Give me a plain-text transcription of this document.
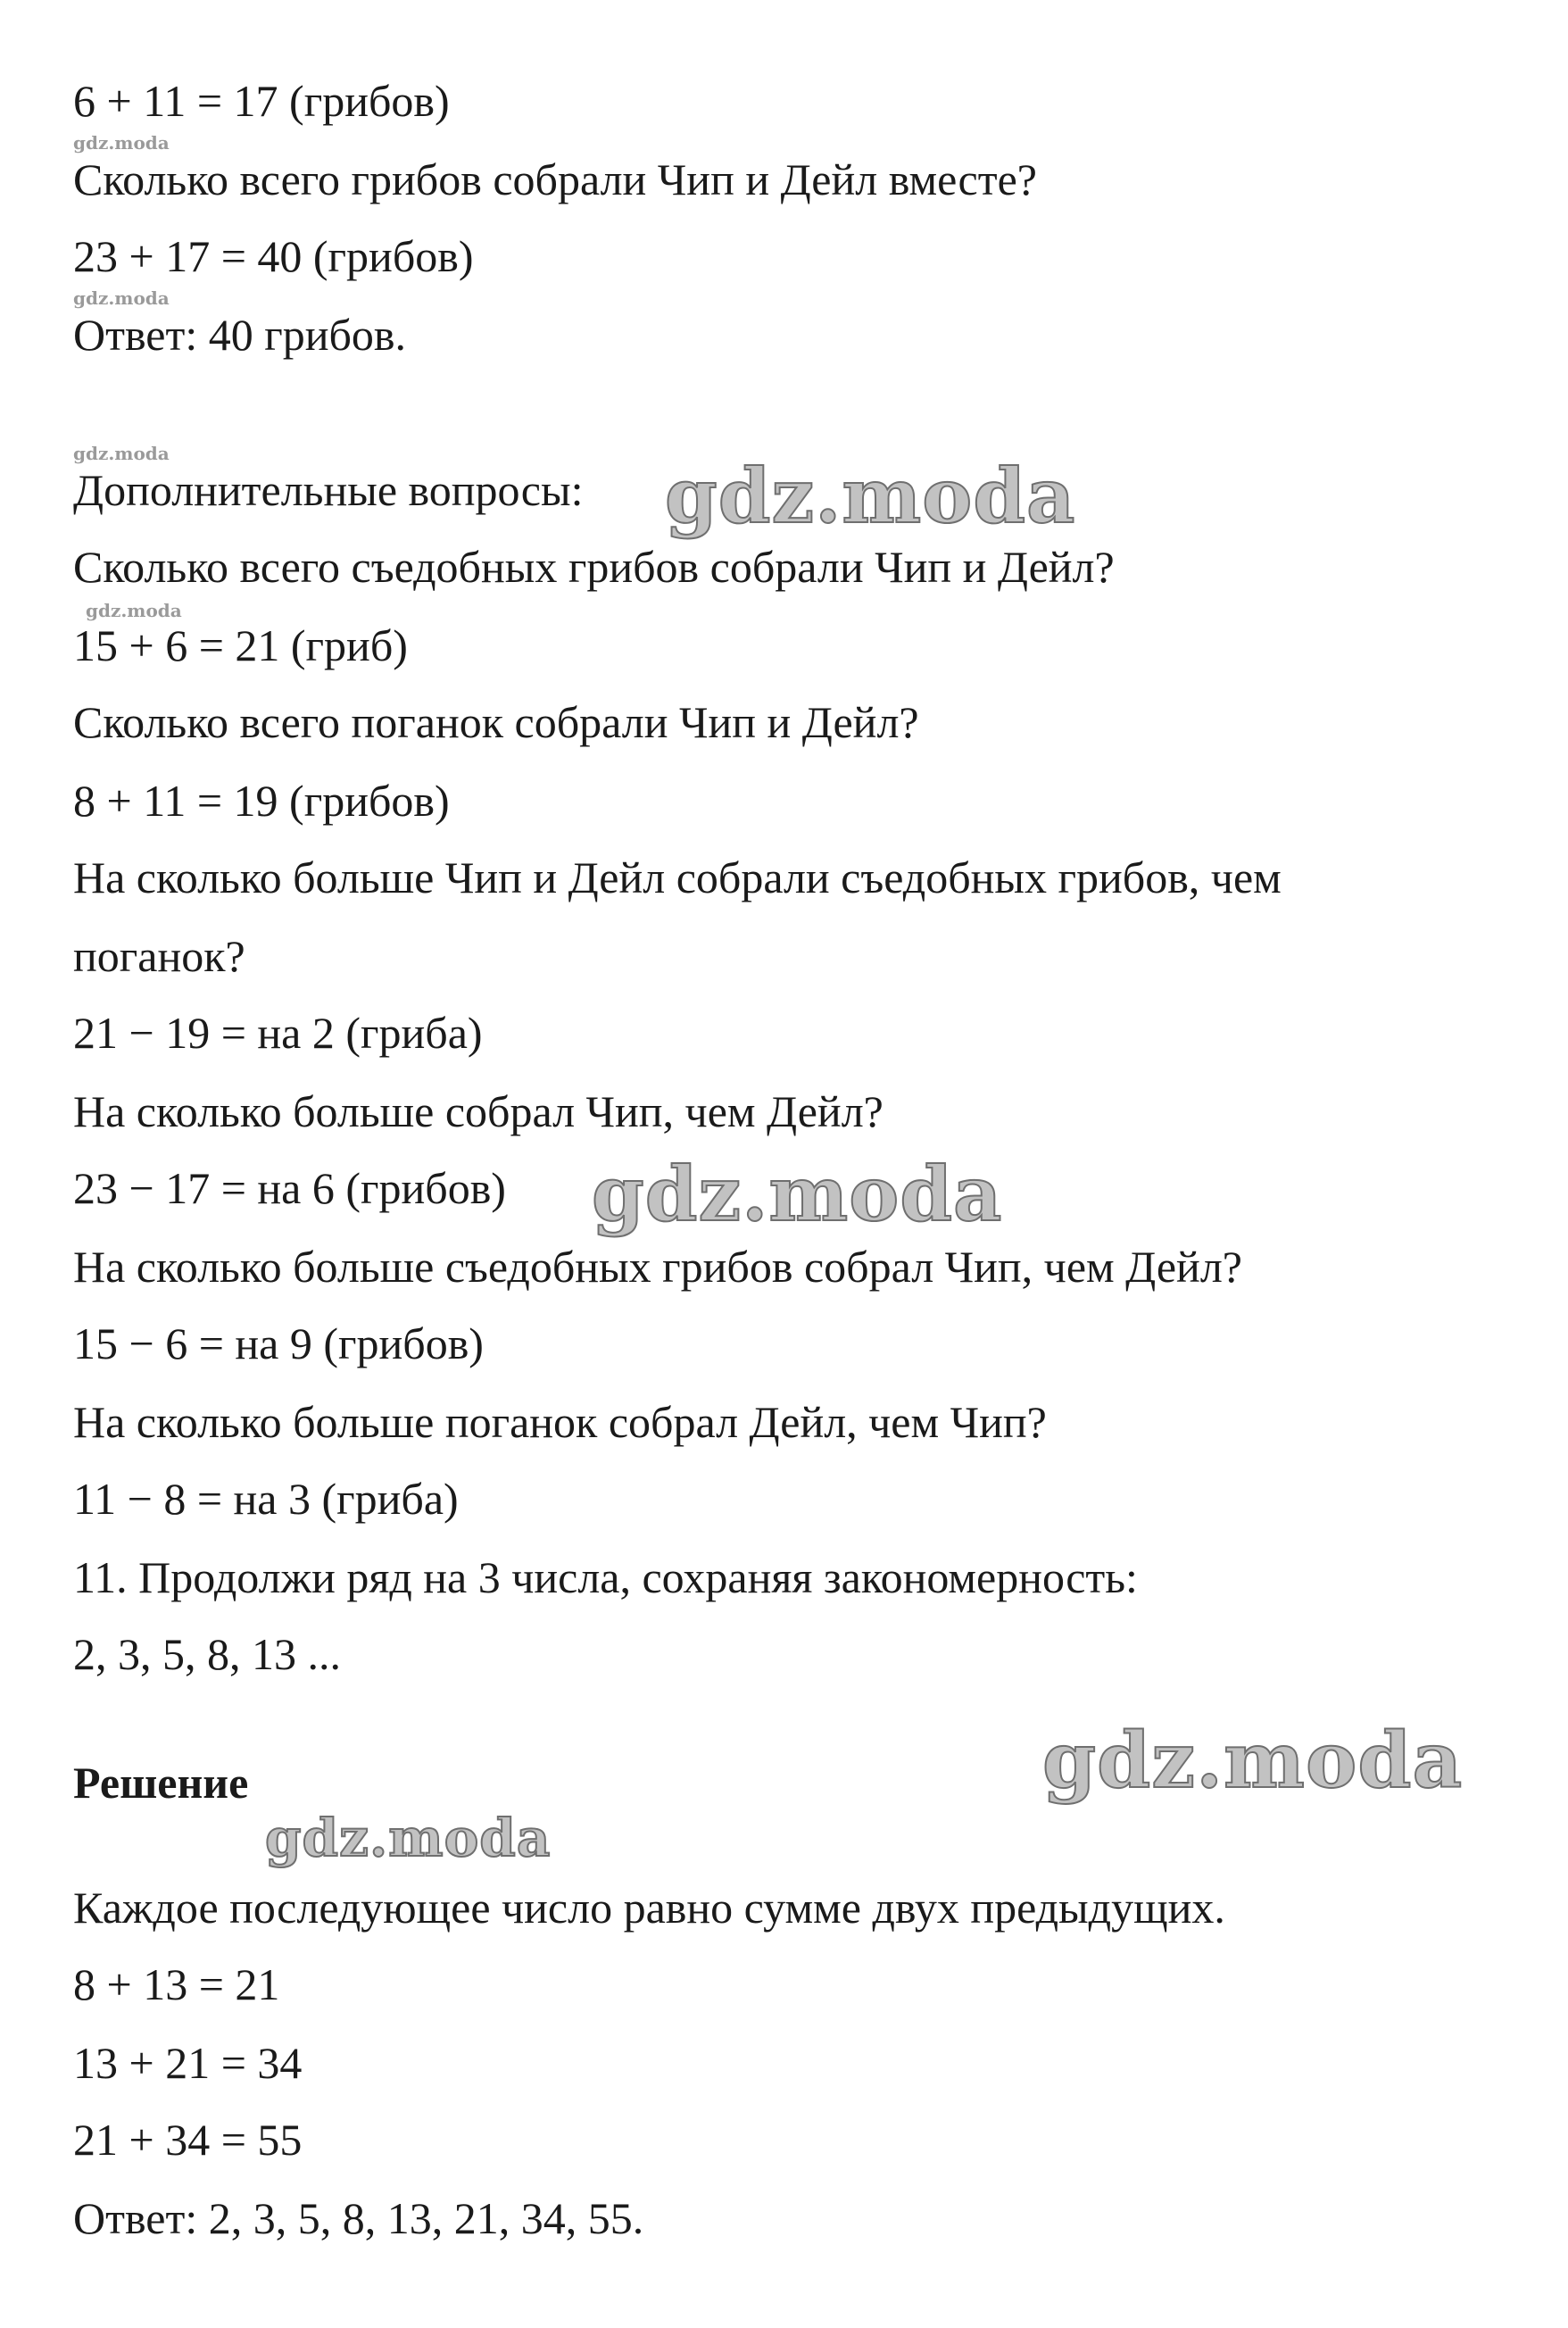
6 + 11 = 17 (грибов)
Сколько всего грибов собрали Чип и Дейл вместе?
23 + 17 = 40 (грибов)
Ответ: 40 грибов.
Дополнительные вопросы:
Сколько всего съедобных грибов собрали Чип и Дейл?
15 + 6 = 21 (гриб)
Сколько всего поганок собрали Чип и Дейл?
8 + 11 = 19 (грибов)
На сколько больше Чип и Дейл собрали съедобных грибов, чем
поганок?
21 − 19 = на 2 (гриба)
На сколько больше собрал Чип, чем Дейл?
23 − 17 = на 6 (грибов)
На сколько больше съедобных грибов собрал Чип, чем Дейл?
15 − 6 = на 9 (грибов)
На сколько больше поганок собрал Дейл, чем Чип?
11 − 8 = на 3 (гриба)
11. Продолжи ряд на 3 числа, сохраняя закономерность:
2, 3, 5, 8, 13 ...
Решение
Каждое последующее число равно сумме двух предыдущих.
8 + 13 = 21
13 + 21 = 34
21 + 34 = 55
Ответ: 2, 3, 5, 8, 13, 21, 34, 55.
gdz.moda
gdz.moda
gdz.moda
gdz.moda
gdz.moda
gdz.moda
gdz.moda
gdz.moda
